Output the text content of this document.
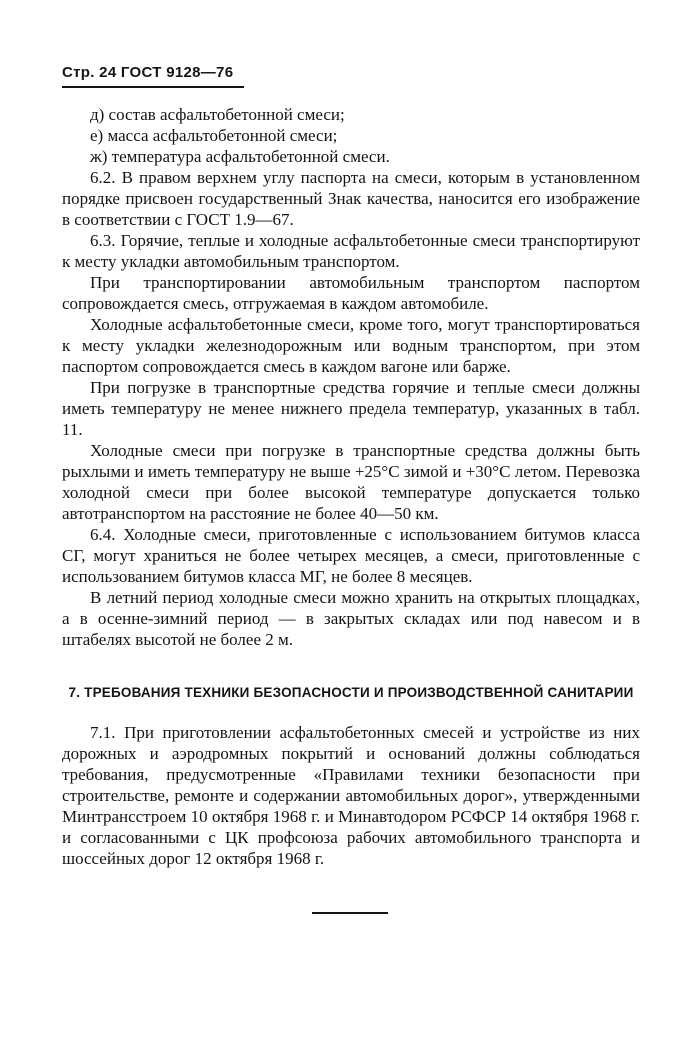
Стр. 24 ГОСТ 9128—76

д) состав асфальтобетонной смеси;

е) масса асфальтобетонной смеси;

ж) температура асфальтобетонной смеси.

6.2. В правом верхнем углу паспорта на смеси, которым в установленном порядке присвоен государственный Знак качества, наносится его изображение в соответствии с ГОСТ 1.9—67.

6.3. Горячие, теплые и холодные асфальтобетонные смеси транспортируют к месту укладки автомобильным транспортом.

При транспортировании автомобильным транспортом паспортом сопровождается смесь, отгружаемая в каждом автомобиле.

Холодные асфальтобетонные смеси, кроме того, могут транспортироваться к месту укладки железнодорожным или водным транспортом, при этом паспортом сопровождается смесь в каждом вагоне или барже.

При погрузке в транспортные средства горячие и теплые смеси должны иметь температуру не менее нижнего предела температур, указанных в табл. 11.

Холодные смеси при погрузке в транспортные средства должны быть рыхлыми и иметь температуру не выше +25°С зимой и +30°С летом. Перевозка холодной смеси при более высокой температуре допускается только автотранспортом на расстояние не более 40—50 км.

6.4. Холодные смеси, приготовленные с использованием битумов класса СГ, могут храниться не более четырех месяцев, а смеси, приготовленные с использованием битумов класса МГ, не более 8 месяцев.

В летний период холодные смеси можно хранить на открытых площадках, а в осенне-зимний период — в закрытых складах или под навесом и в штабелях высотой не более 2 м.

7. ТРЕБОВАНИЯ ТЕХНИКИ БЕЗОПАСНОСТИ И ПРОИЗВОДСТВЕННОЙ САНИТАРИИ

7.1. При приготовлении асфальтобетонных смесей и устройстве из них дорожных и аэродромных покрытий и оснований должны соблюдаться требования, предусмотренные «Правилами техники безопасности при строительстве, ремонте и содержании автомобильных дорог», утвержденными Минтрансстроем 10 октября 1968 г. и Минавтодором РСФСР 14 октября 1968 г. и согласованными с ЦК профсоюза рабочих автомобильного транспорта и шоссейных дорог 12 октября 1968 г.
